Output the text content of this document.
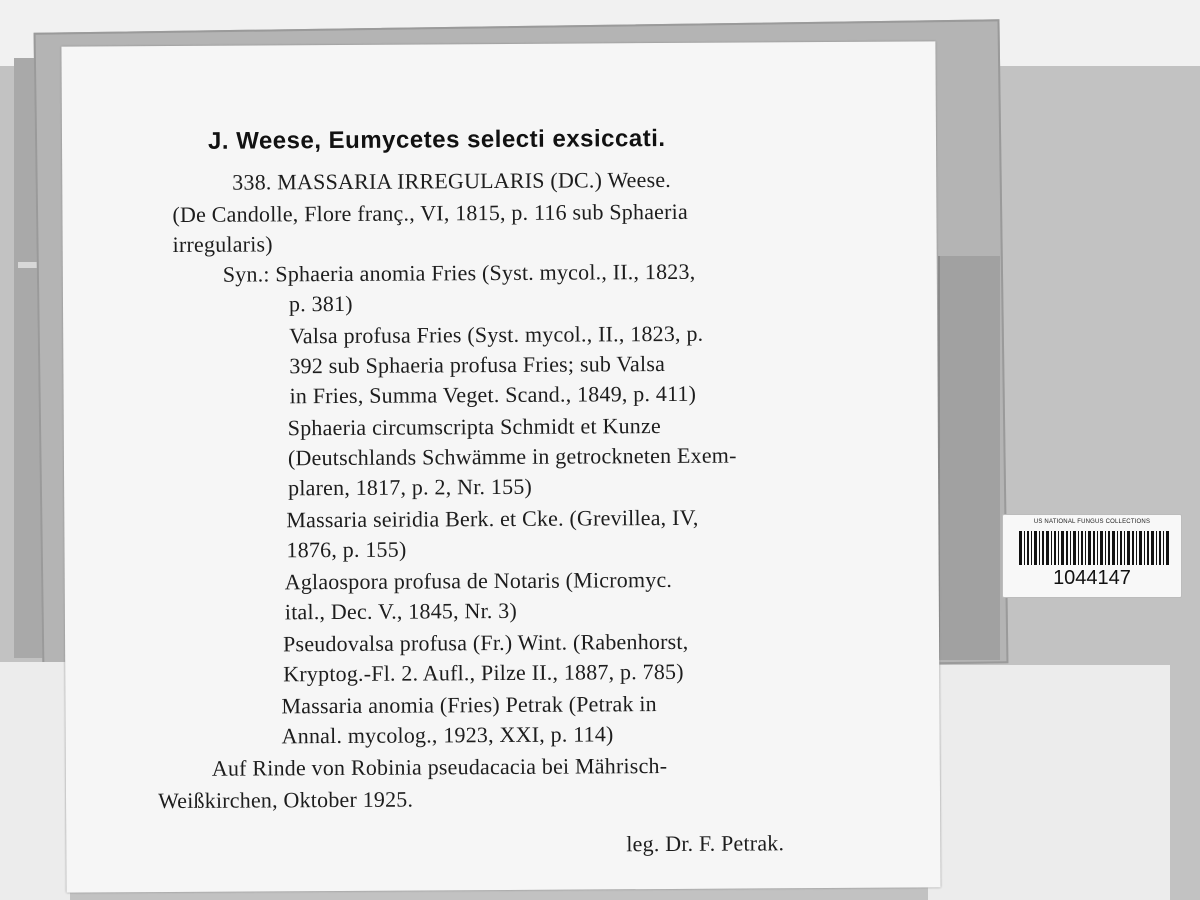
J. Weese, Eumycetes selecti exsiccati.
338. MASSARIA IRREGULARIS (DC.) Weese.
(De Candolle, Flore franç., VI, 1815, p. 116 sub Sphaeria
irregularis)
Syn.: Sphaeria anomia Fries (Syst. mycol., II., 1823,
p. 381)
Valsa profusa Fries (Syst. mycol., II., 1823, p.
392 sub Sphaeria profusa Fries; sub Valsa
in Fries, Summa Veget. Scand., 1849, p. 411)
Sphaeria circumscripta Schmidt et Kunze
(Deutschlands Schwämme in getrockneten Exem-
plaren, 1817, p. 2, Nr. 155)
Massaria seiridia Berk. et Cke. (Grevillea, IV,
1876, p. 155)
Aglaospora profusa de Notaris (Micromyc.
ital., Dec. V., 1845, Nr. 3)
Pseudovalsa profusa (Fr.) Wint. (Rabenhorst,
Kryptog.-Fl. 2. Aufl., Pilze II., 1887, p. 785)
Massaria anomia (Fries) Petrak (Petrak in
Annal. mycolog., 1923, XXI, p. 114)
Auf Rinde von Robinia pseudacacia bei Mährisch-
Weißkirchen, Oktober 1925.
leg. Dr. F. Petrak.
US NATIONAL FUNGUS COLLECTIONS
1044147
